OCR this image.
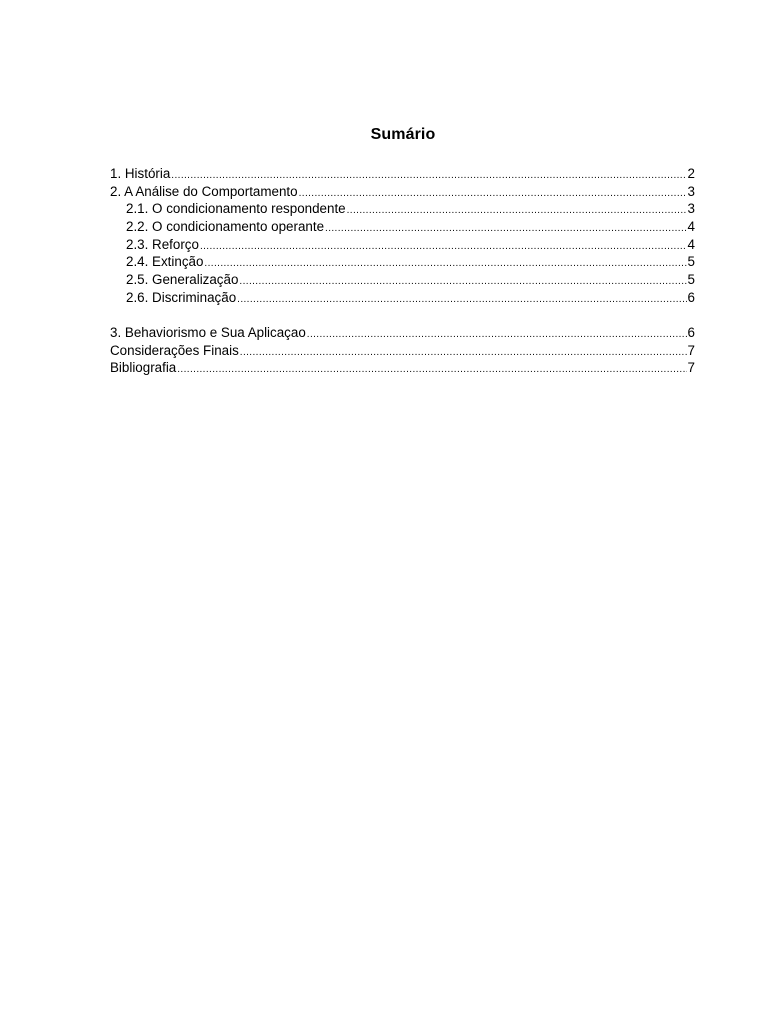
Sumário
1. História .....	2
2. A Análise do Comportamento .....	3
2.1. O condicionamento respondente .....	3
2.2. O condicionamento operante .....	4
2.3. Reforço .....	4
2.4. Extinção .....	5
2.5. Generalização .....	5
2.6. Discriminação .....	6
3. Behaviorismo e Sua Aplicaçao .....	6
Considerações Finais .....	7
Bibliografia .....	7
